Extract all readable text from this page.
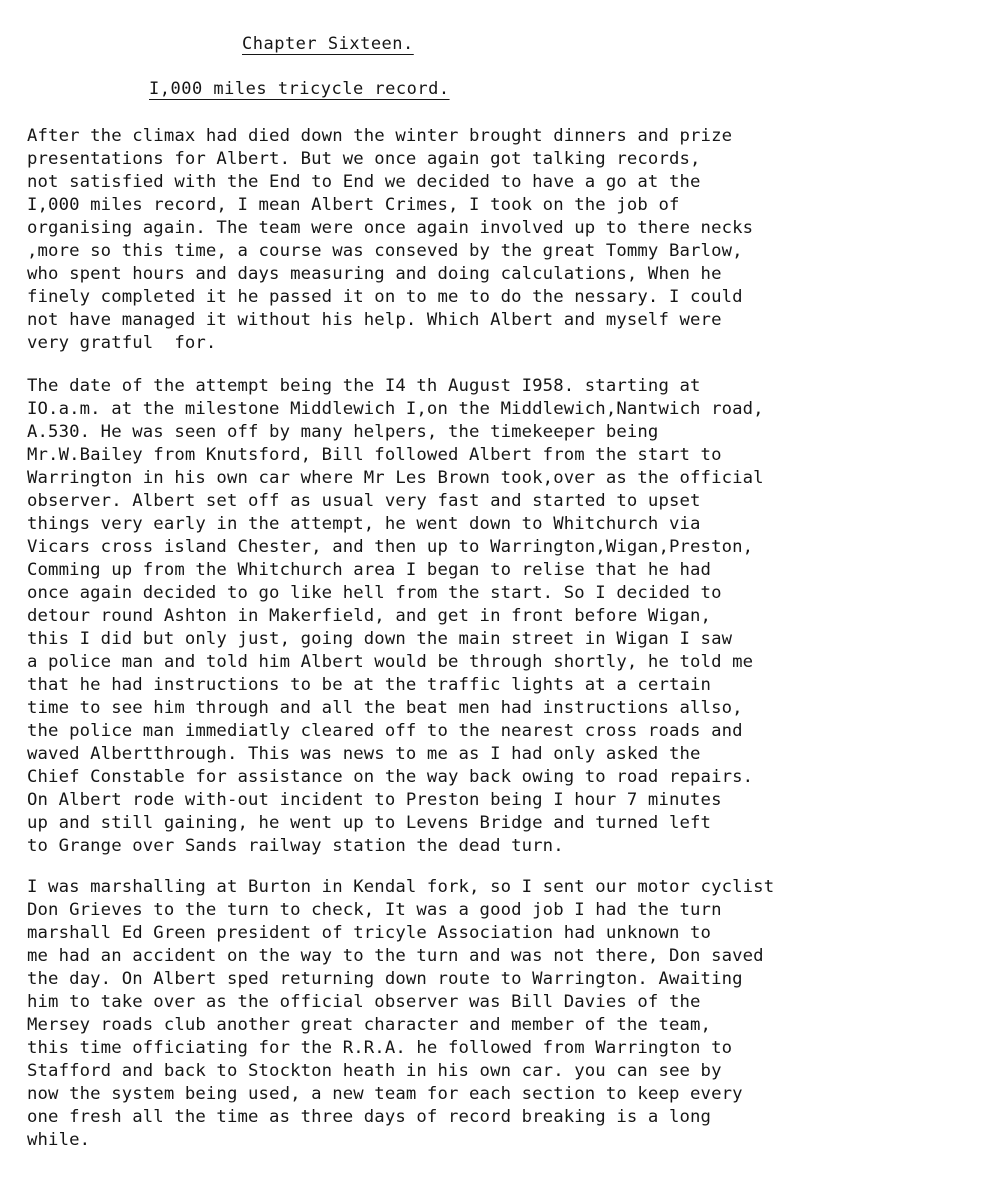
Chapter Sixteen.
I,000 miles tricycle record.

After the climax had died down the winter brought dinners and prize

presentations for Albert. But we once again got talking records,

not satisfied with the End to End we decided to have a go at the

I,000 miles record, I mean Albert Crimes, I took on the job of

organising again. The team were once again involved up to there necks

,more so this time, a course was conseved by the great Tommy Barlow,

who spent hours and days measuring and doing calculations, When he

finely completed it he passed it on to me to do the nessary. I could

not have managed it without his help. Which Albert and myself were

very gratful  for.

The date of the attempt being the I4 th August I958. starting at

IO.a.m. at the milestone Middlewich I,on the Middlewich,Nantwich road,

A.530. He was seen off by many helpers, the timekeeper being

Mr.W.Bailey from Knutsford, Bill followed Albert from the start to

Warrington in his own car where Mr Les Brown took,over as the official

observer. Albert set off as usual very fast and started to upset

things very early in the attempt, he went down to Whitchurch via

Vicars cross island Chester, and then up to Warrington,Wigan,Preston,

Comming up from the Whitchurch area I began to relise that he had

once again decided to go like hell from the start. So I decided to

detour round Ashton in Makerfield, and get in front before Wigan,

this I did but only just, going down the main street in Wigan I saw

a police man and told him Albert would be through shortly, he told me

that he had instructions to be at the traffic lights at a certain

time to see him through and all the beat men had instructions allso,

the police man immediatly cleared off to the nearest cross roads and

waved Albertthrough. This was news to me as I had only asked the

Chief Constable for assistance on the way back owing to road repairs.

On Albert rode with-out incident to Preston being I hour 7 minutes

up and still gaining, he went up to Levens Bridge and turned left

to Grange over Sands railway station the dead turn.

I was marshalling at Burton in Kendal fork, so I sent our motor cyclist

Don Grieves to the turn to check, It was a good job I had the turn

marshall Ed Green president of tricyle Association had unknown to

me had an accident on the way to the turn and was not there, Don saved

the day. On Albert sped returning down route to Warrington. Awaiting

him to take over as the official observer was Bill Davies of the

Mersey roads club another great character and member of the team,

this time officiating for the R.R.A. he followed from Warrington to

Stafford and back to Stockton heath in his own car. you can see by

now the system being used, a new team for each section to keep every

one fresh all the time as three days of record breaking is a long

while.
